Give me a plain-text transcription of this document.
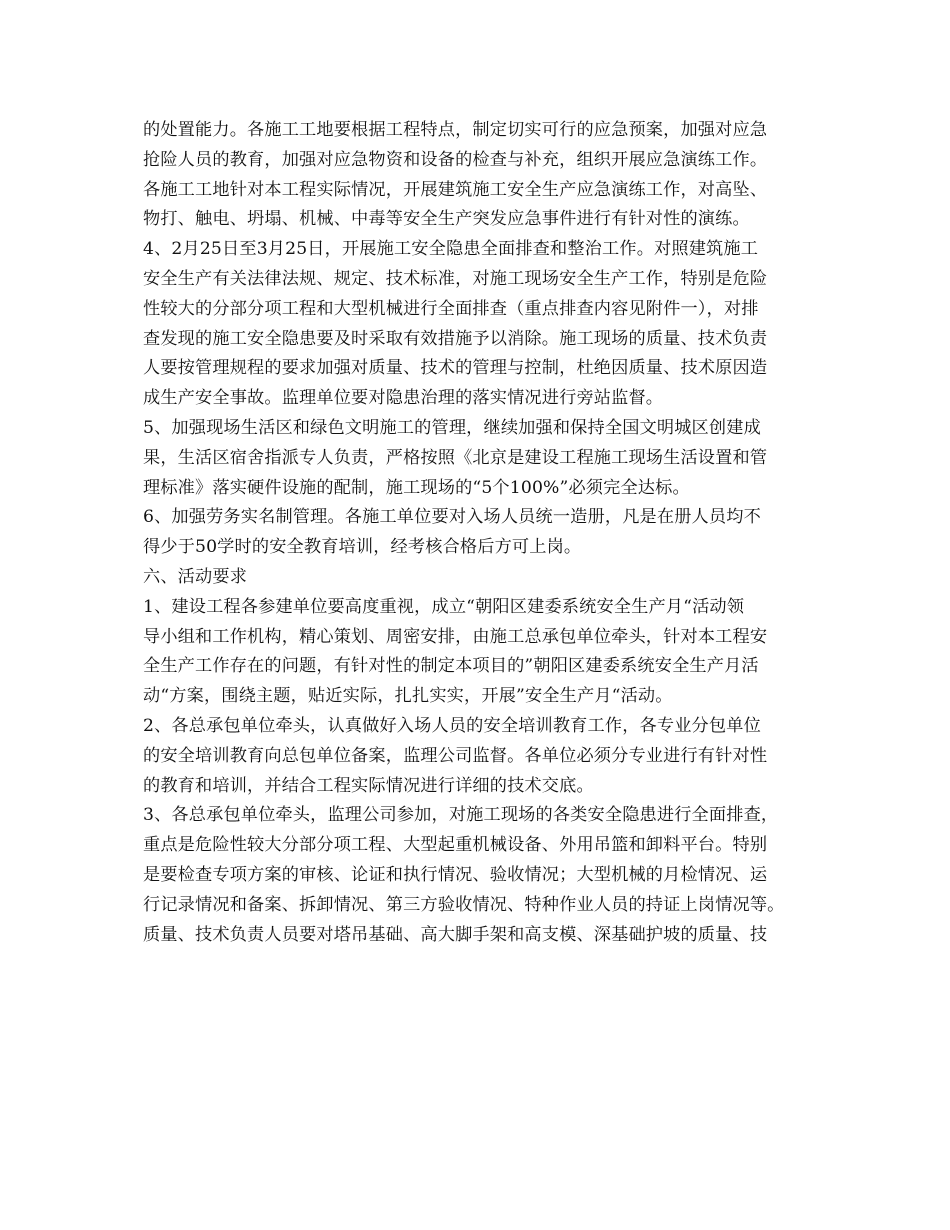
的处置能力。各施工工地要根据工程特点，制定切实可行的应急预案，加强对应急
抢险人员的教育，加强对应急物资和设备的检查与补充，组织开展应急演练工作。
各施工工地针对本工程实际情况，开展建筑施工安全生产应急演练工作，对高坠、
物打、触电、坍塌、机械、中毒等安全生产突发应急事件进行有针对性的演练。
4、2月25日至3月25日，开展施工安全隐患全面排查和整治工作。对照建筑施工
安全生产有关法律法规、规定、技术标准，对施工现场安全生产工作，特别是危险
性较大的分部分项工程和大型机械进行全面排查（重点排查内容见附件一），对排
查发现的施工安全隐患要及时采取有效措施予以消除。施工现场的质量、技术负责
人要按管理规程的要求加强对质量、技术的管理与控制，杜绝因质量、技术原因造
成生产安全事故。监理单位要对隐患治理的落实情况进行旁站监督。
5、加强现场生活区和绿色文明施工的管理，继续加强和保持全国文明城区创建成
果，生活区宿舍指派专人负责，严格按照《北京是建设工程施工现场生活设置和管
理标准》落实硬件设施的配制，施工现场的“5个100%”必须完全达标。
6、加强劳务实名制管理。各施工单位要对入场人员统一造册，凡是在册人员均不
得少于50学时的安全教育培训，经考核合格后方可上岗。
六、活动要求
1、建设工程各参建单位要高度重视，成立“朝阳区建委系统安全生产月“活动领
导小组和工作机构，精心策划、周密安排，由施工总承包单位牵头，针对本工程安
全生产工作存在的问题，有针对性的制定本项目的”朝阳区建委系统安全生产月活
动“方案，围绕主题，贴近实际，扎扎实实，开展”安全生产月“活动。
2、各总承包单位牵头，认真做好入场人员的安全培训教育工作，各专业分包单位
的安全培训教育向总包单位备案，监理公司监督。各单位必须分专业进行有针对性
的教育和培训，并结合工程实际情况进行详细的技术交底。
3、各总承包单位牵头，监理公司参加，对施工现场的各类安全隐患进行全面排查，
重点是危险性较大分部分项工程、大型起重机械设备、外用吊篮和卸料平台。特别
是要检查专项方案的审核、论证和执行情况、验收情况；大型机械的月检情况、运
行记录情况和备案、拆卸情况、第三方验收情况、特种作业人员的持证上岗情况等。
质量、技术负责人员要对塔吊基础、高大脚手架和高支模、深基础护坡的质量、技
